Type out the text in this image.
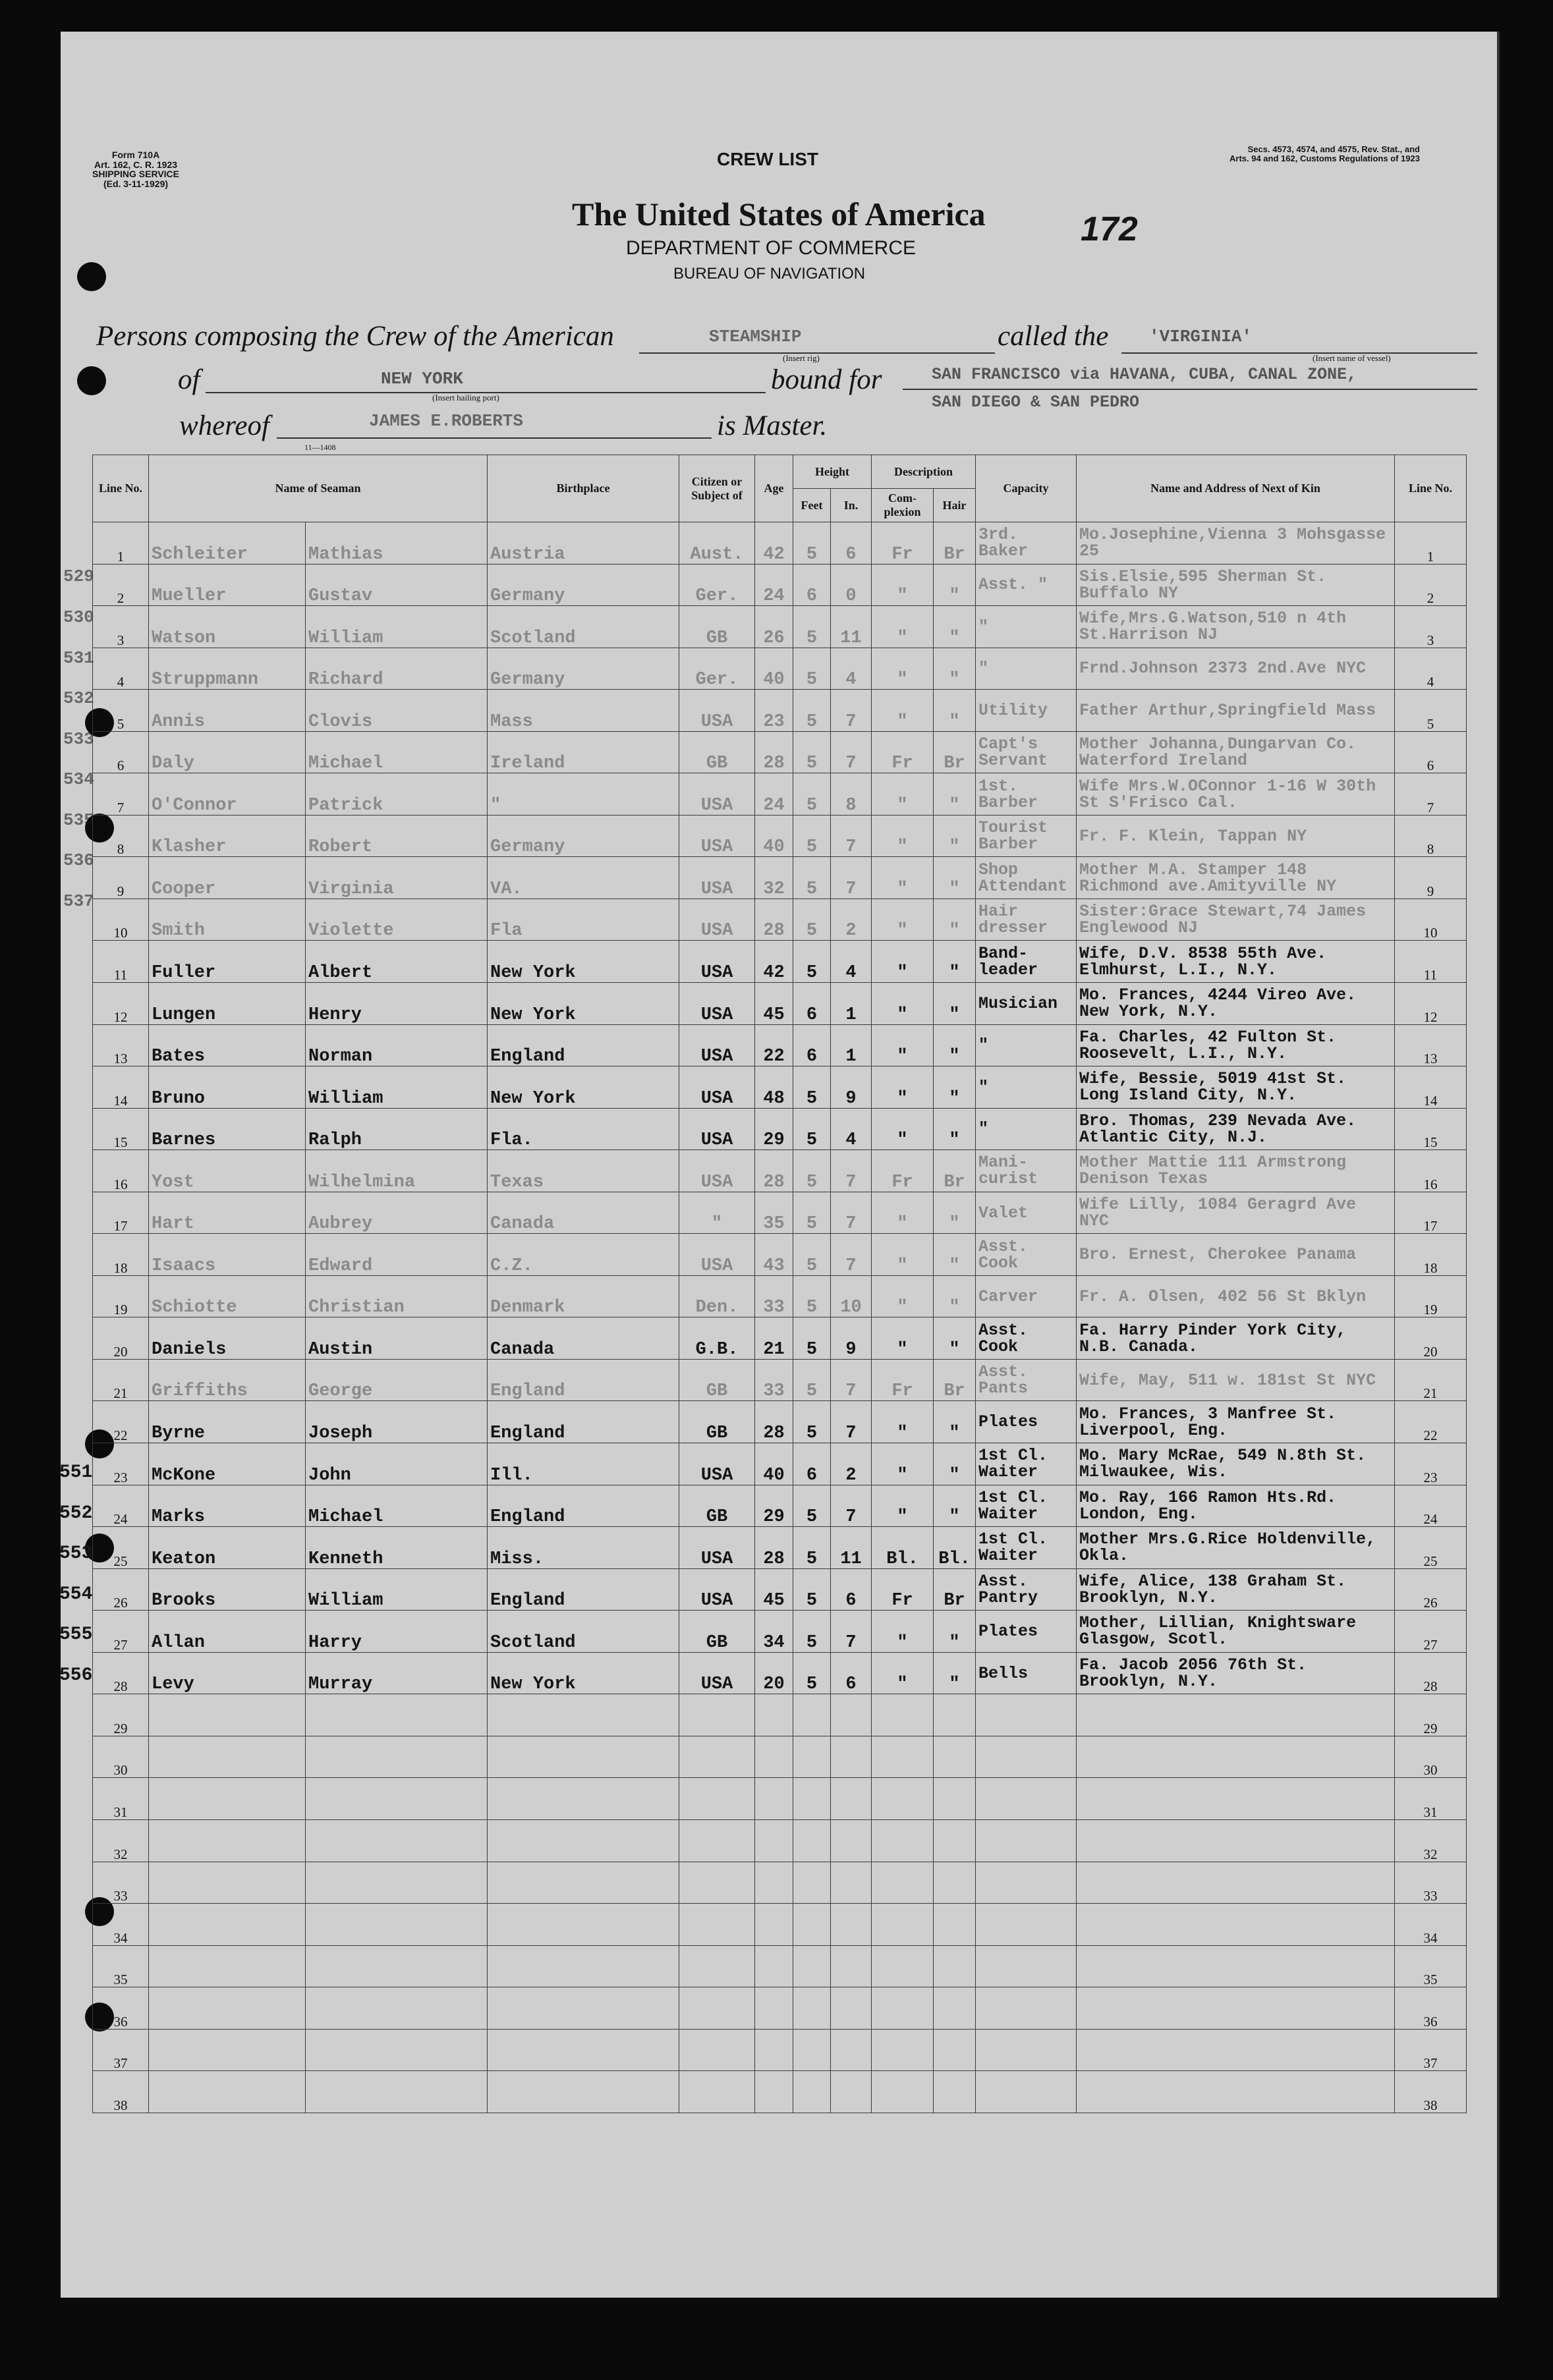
Form 710A
Art. 162, C. R. 1923
SHIPPING SERVICE
(Ed. 3-11-1929)
Secs. 4573, 4574, and 4575, Rev. Stat., and
Arts. 94 and 162, Customs Regulations of 1923
CREW LIST
The United States of America
DEPARTMENT OF COMMERCE
BUREAU OF NAVIGATION
172
Persons composing the Crew of the American	STEAMSHIP
(Insert rig)
called the 'VIRGINIA'
(Insert name of vessel)
of	NEW YORK
(Insert hailing port)
bound for	SAN FRANCISCO via HAVANA, CUBA, CANAL ZONE,
SAN DIEGO & SAN PEDRO
whereof	JAMES E.ROBERTS
11—1408
is Master.
529
530
531
532
533
534
535
536
537
551
552
553
554
555
556
Line No.	Name of Seaman		Birthplace	Citizen or Subject of	Age	Height		Description		Capacity	Name and Address of Next of Kin	Line No.
						Feet	In.	Com-plexion	Hair			
1	Schleiter	Mathias	Austria	Aust.	42	5	6	Fr	Br	3rd. Baker	Mo.Josephine,Vienna 3 Mohsgasse 25	1
2	Mueller	Gustav	Germany	Ger.	24	6	0	"	"	Asst. "	Sis.Elsie,595 Sherman St. Buffalo NY	2
3	Watson	William	Scotland	GB	26	5	11	"	"	"	Wife,Mrs.G.Watson,510 n 4th St.Harrison NJ	3
4	Struppmann	Richard	Germany	Ger.	40	5	4	"	"	"	Frnd.Johnson 2373 2nd.Ave NYC	4
5	Annis	Clovis	Mass	USA	23	5	7	"	"	Utility	Father Arthur,Springfield Mass	5
6	Daly	Michael	Ireland	GB	28	5	7	Fr	Br	Capt's Servant	Mother Johanna,Dungarvan Co. Waterford Ireland	6
7	O'Connor	Patrick	"	USA	24	5	8	"	"	1st. Barber	Wife Mrs.W.OConnor 1-16 W 30th St S'Frisco Cal.	7
8	Klasher	Robert	Germany	USA	40	5	7	"	"	Tourist Barber	Fr. F. Klein, Tappan NY	8
9	Cooper	Virginia	VA.	USA	32	5	7	"	"	Shop Attendant	Mother M.A. Stamper 148 Richmond ave.Amityville NY	9
10	Smith	Violette	Fla	USA	28	5	2	"	"	Hair dresser	Sister:Grace Stewart,74 James Englewood NJ	10
11	Fuller	Albert	New York	USA	42	5	4	"	"	Band-leader	Wife, D.V. 8538 55th Ave. Elmhurst, L.I., N.Y.	11
12	Lungen	Henry	New York	USA	45	6	1	"	"	Musician	Mo. Frances, 4244 Vireo Ave. New York, N.Y.	12
13	Bates	Norman	England	USA	22	6	1	"	"	"	Fa. Charles, 42 Fulton St. Roosevelt, L.I., N.Y.	13
14	Bruno	William	New York	USA	48	5	9	"	"	"	Wife, Bessie, 5019 41st St. Long Island City, N.Y.	14
15	Barnes	Ralph	Fla.	USA	29	5	4	"	"	"	Bro. Thomas, 239 Nevada Ave. Atlantic City, N.J.	15
16	Yost	Wilhelmina	Texas	USA	28	5	7	Fr	Br	Mani-curist	Mother Mattie 111 Armstrong Denison Texas	16
17	Hart	Aubrey	Canada	"	35	5	7	"	"	Valet	Wife Lilly, 1084 Geragrd Ave NYC	17
18	Isaacs	Edward	C.Z.	USA	43	5	7	"	"	Asst. Cook	Bro. Ernest, Cherokee Panama	18
19	Schiotte	Christian	Denmark	Den.	33	5	10	"	"	Carver	Fr. A. Olsen, 402 56 St Bklyn	19
20	Daniels	Austin	Canada	G.B.	21	5	9	"	"	Asst. Cook	Fa. Harry Pinder York City, N.B. Canada.	20
21	Griffiths	George	England	GB	33	5	7	Fr	Br	Asst. Pants	Wife, May, 511 w. 181st St NYC	21
22	Byrne	Joseph	England	GB	28	5	7	"	"	Plates	Mo. Frances, 3 Manfree St. Liverpool, Eng.	22
23	McKone	John	Ill.	USA	40	6	2	"	"	1st Cl. Waiter	Mo. Mary McRae, 549 N.8th St. Milwaukee, Wis.	23
24	Marks	Michael	England	GB	29	5	7	"	"	1st Cl. Waiter	Mo. Ray, 166 Ramon Hts.Rd. London, Eng.	24
25	Keaton	Kenneth	Miss.	USA	28	5	11	Bl.	Bl.	1st Cl. Waiter	Mother Mrs.G.Rice Holdenville, Okla.	25
26	Brooks	William	England	USA	45	5	6	Fr	Br	Asst. Pantry	Wife, Alice, 138 Graham St. Brooklyn, N.Y.	26
27	Allan	Harry	Scotland	GB	34	5	7	"	"	Plates	Mother, Lillian, Knightsware Glasgow, Scotl.	27
28	Levy	Murray	New York	USA	20	5	6	"	"	Bells	Fa. Jacob 2056 76th St. Brooklyn, N.Y.	28
29												29
30												30
31												31
32												32
33												33
34												34
35												35
36												36
37												37
38												38
